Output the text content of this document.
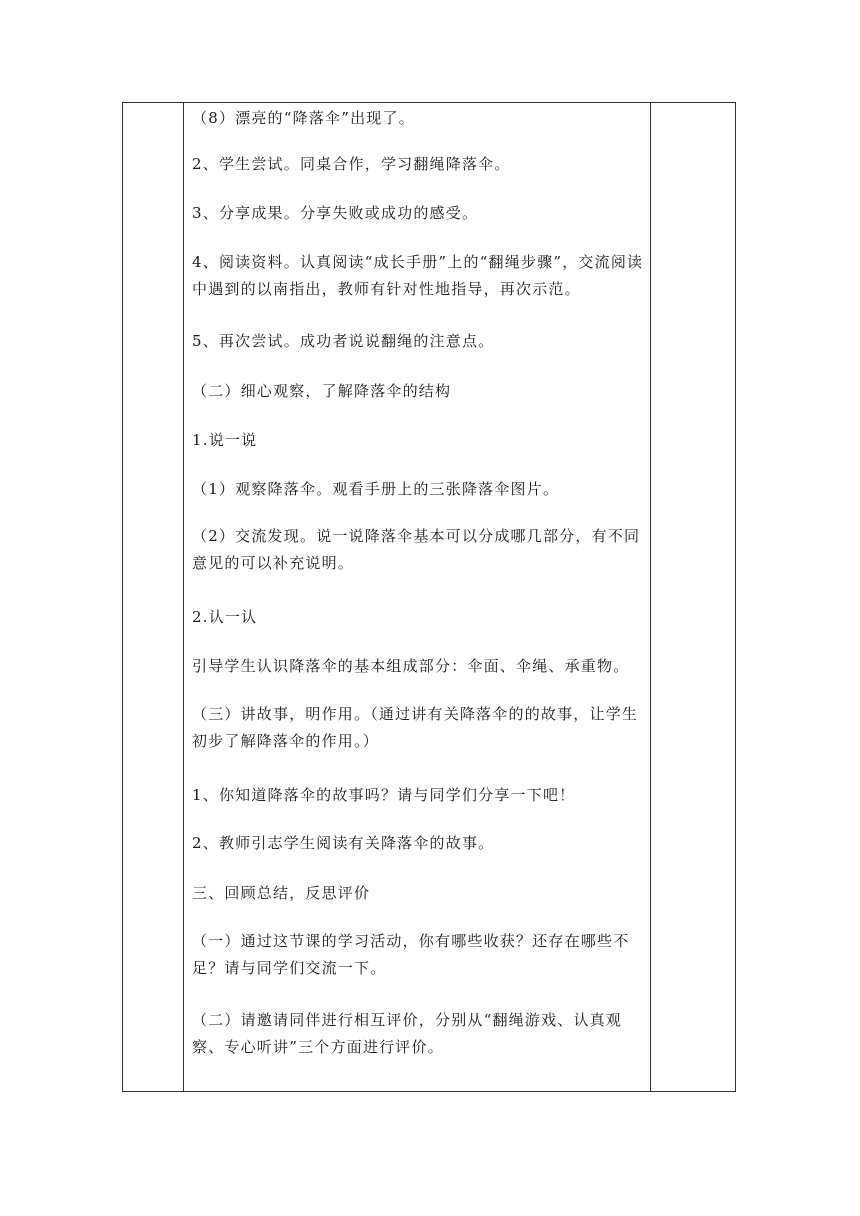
（8）漂亮的“降落伞”出现了。

2、学生尝试。同桌合作，学习翻绳降落伞。

3、分享成果。分享失败或成功的感受。

4、阅读资料。认真阅读“成长手册”上的“翻绳步骤”，交流阅读中遇到的以南指出，教师有针对性地指导，再次示范。

5、再次尝试。成功者说说翻绳的注意点。

（二）细心观察，了解降落伞的结构

1.说一说

（1）观察降落伞。观看手册上的三张降落伞图片。

（2）交流发现。说一说降落伞基本可以分成哪几部分，有不同意见的可以补充说明。

2.认一认

引导学生认识降落伞的基本组成部分：伞面、伞绳、承重物。

（三）讲故事，明作用。（通过讲有关降落伞的的故事，让学生初步了解降落伞的作用。）

1、你知道降落伞的故事吗？请与同学们分享一下吧！

2、教师引志学生阅读有关降落伞的故事。

三、回顾总结，反思评价

（一）通过这节课的学习活动，你有哪些收获？还存在哪些不足？请与同学们交流一下。

（二）请邀请同伴进行相互评价，分别从“翻绳游戏、认真观察、专心听讲”三个方面进行评价。
